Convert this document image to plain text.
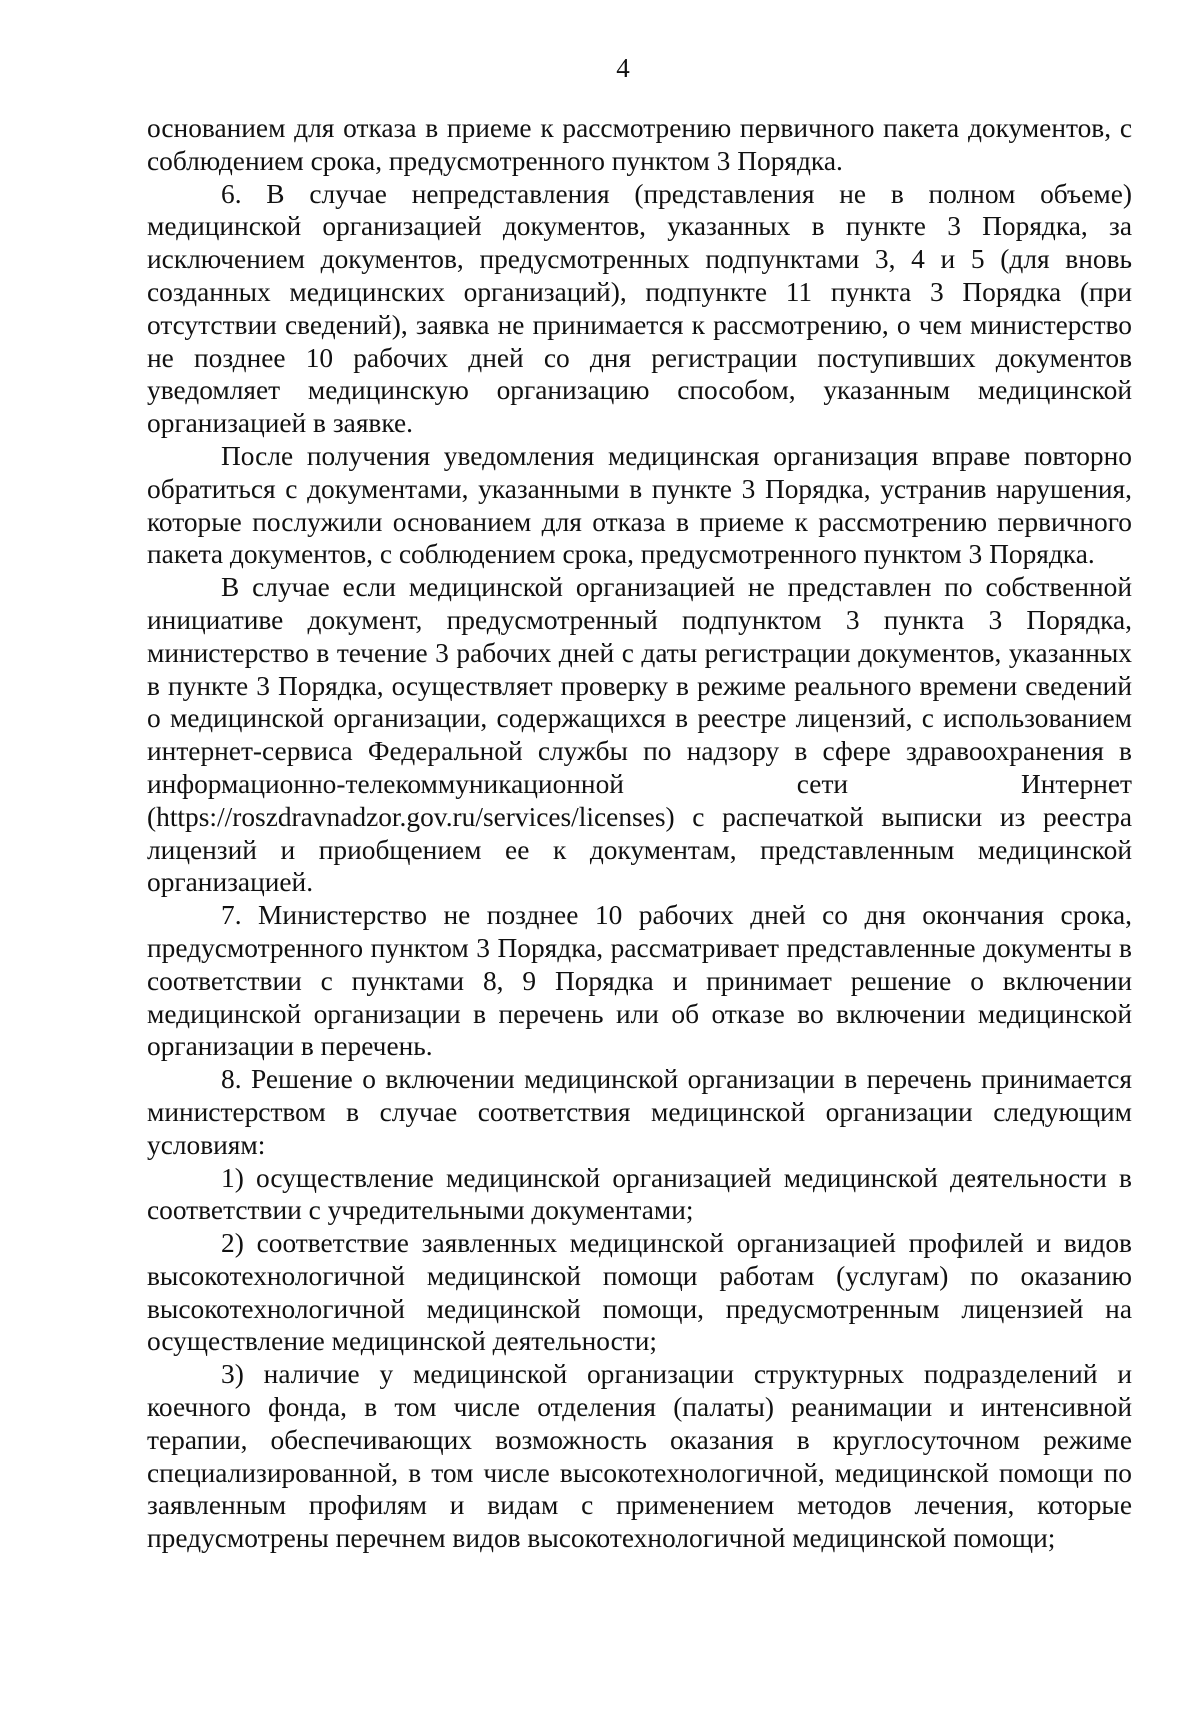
4

основанием для отказа в приеме к рассмотрению первичного пакета документов, с соблюдением срока, предусмотренного пунктом 3 Порядка.

6. В случае непредставления (представления не в полном объеме) медицинской организацией документов, указанных в пункте 3 Порядка, за исключением документов, предусмотренных подпунктами 3, 4 и 5 (для вновь созданных медицинских организаций), подпункте 11 пункта 3 Порядка (при отсутствии сведений), заявка не принимается к рассмотрению, о чем министерство не позднее 10 рабочих дней со дня регистрации поступивших документов уведомляет медицинскую организацию способом, указанным медицинской организацией в заявке.

После получения уведомления медицинская организация вправе повторно обратиться с документами, указанными в пункте 3 Порядка, устранив нарушения, которые послужили основанием для отказа в приеме к рассмотрению первичного пакета документов, с соблюдением срока, предусмотренного пунктом 3 Порядка.

В случае если медицинской организацией не представлен по собственной инициативе документ, предусмотренный подпунктом 3 пункта 3 Порядка, министерство в течение 3 рабочих дней с даты регистрации документов, указанных в пункте 3 Порядка, осуществляет проверку в режиме реального времени сведений о медицинской организации, содержащихся в реестре лицензий, с использованием интернет-сервиса Федеральной службы по надзору в сфере здравоохранения в информационно-телекоммуникационной сети Интернет (https://roszdravnadzor.gov.ru/services/licenses) с распечаткой выписки из реестра лицензий и приобщением ее к документам, представленным медицинской организацией.

7. Министерство не позднее 10 рабочих дней со дня окончания срока, предусмотренного пунктом 3 Порядка, рассматривает представленные документы в соответствии с пунктами 8, 9 Порядка и принимает решение о включении медицинской организации в перечень или об отказе во включении медицинской организации в перечень.

8. Решение о включении медицинской организации в перечень принимается министерством в случае соответствия медицинской организации следующим условиям:

1) осуществление медицинской организацией медицинской деятельности в соответствии с учредительными документами;

2) соответствие заявленных медицинской организацией профилей и видов высокотехнологичной медицинской помощи работам (услугам) по оказанию высокотехнологичной медицинской помощи, предусмотренным лицензией на осуществление медицинской деятельности;

3) наличие у медицинской организации структурных подразделений и коечного фонда, в том числе отделения (палаты) реанимации и интенсивной терапии, обеспечивающих возможность оказания в круглосуточном режиме специализированной, в том числе высокотехнологичной, медицинской помощи по заявленным профилям и видам с применением методов лечения, которые предусмотрены перечнем видов высокотехнологичной медицинской помощи;
